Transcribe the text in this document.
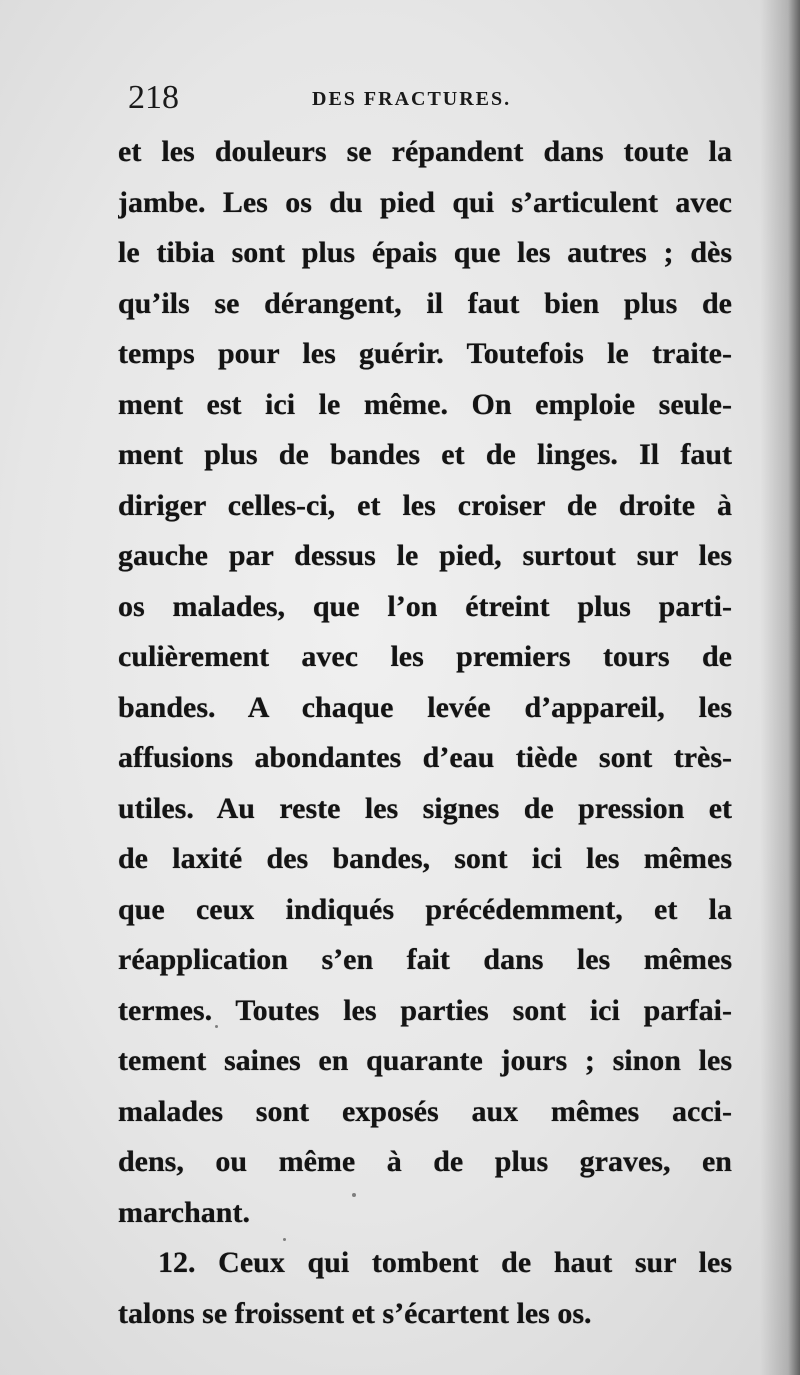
218	DES FRACTURES.
et les douleurs se répandent dans toute la
jambe. Les os du pied qui s’articulent avec
le tibia sont plus épais que les autres ; dès
qu’ils se dérangent, il faut bien plus de
temps pour les guérir. Toutefois le traite-
ment est ici le même. On emploie seule-
ment plus de bandes et de linges. Il faut
diriger celles-ci, et les croiser de droite à
gauche par dessus le pied, surtout sur les
os malades, que l’on étreint plus parti-
culièrement avec les premiers tours de
bandes. A chaque levée d’appareil, les
affusions abondantes d’eau tiède sont très-
utiles. Au reste les signes de pression et
de laxité des bandes, sont ici les mêmes
que ceux indiqués précédemment, et la
réapplication s’en fait dans les mêmes
termes. Toutes les parties sont ici parfai-
tement saines en quarante jours ; sinon les
malades sont exposés aux mêmes acci-
dens, ou même à de plus graves, en
marchant.
12. Ceux qui tombent de haut sur les
talons se froissent et s’écartent les os.
